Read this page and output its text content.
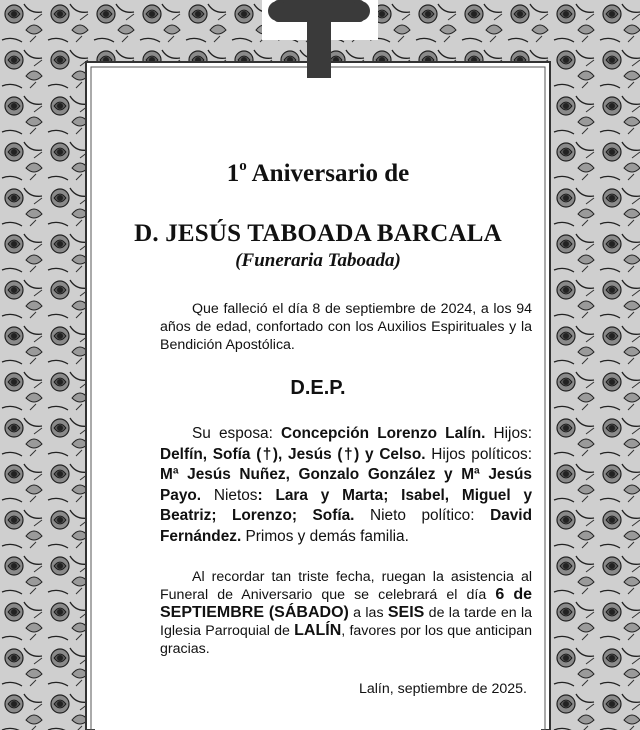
1$^o$ Aniversario de
D. JESÚS TABOADA BARCALA
(Funeraria Taboada)
Que falleció el día 8 de septiembre de 2024, a los 94 años de edad, confortado con los Auxilios Espirituales y la Bendición Apostólica.
D.E.P.
Su esposa: Concepción Lorenzo Lalín. Hijos: Delfín, Sofía (†), Jesús (†) y Celso. Hijos políticos: Mª Jesús Nuñez, Gonzalo González y Mª Jesús Payo. Nietos: Lara y Marta; Isabel, Miguel y Beatriz; Lorenzo; Sofía. Nieto político: David Fernández. Primos y demás familia.
Al recordar tan triste fecha, ruegan la asistencia al Funeral de Aniversario que se celebrará el día 6 de SEPTIEMBRE (SÁBADO) a las SEIS de la tarde en la Iglesia Parroquial de LALÍN, favores por los que anticipan gracias.
Lalín, septiembre de 2025.
